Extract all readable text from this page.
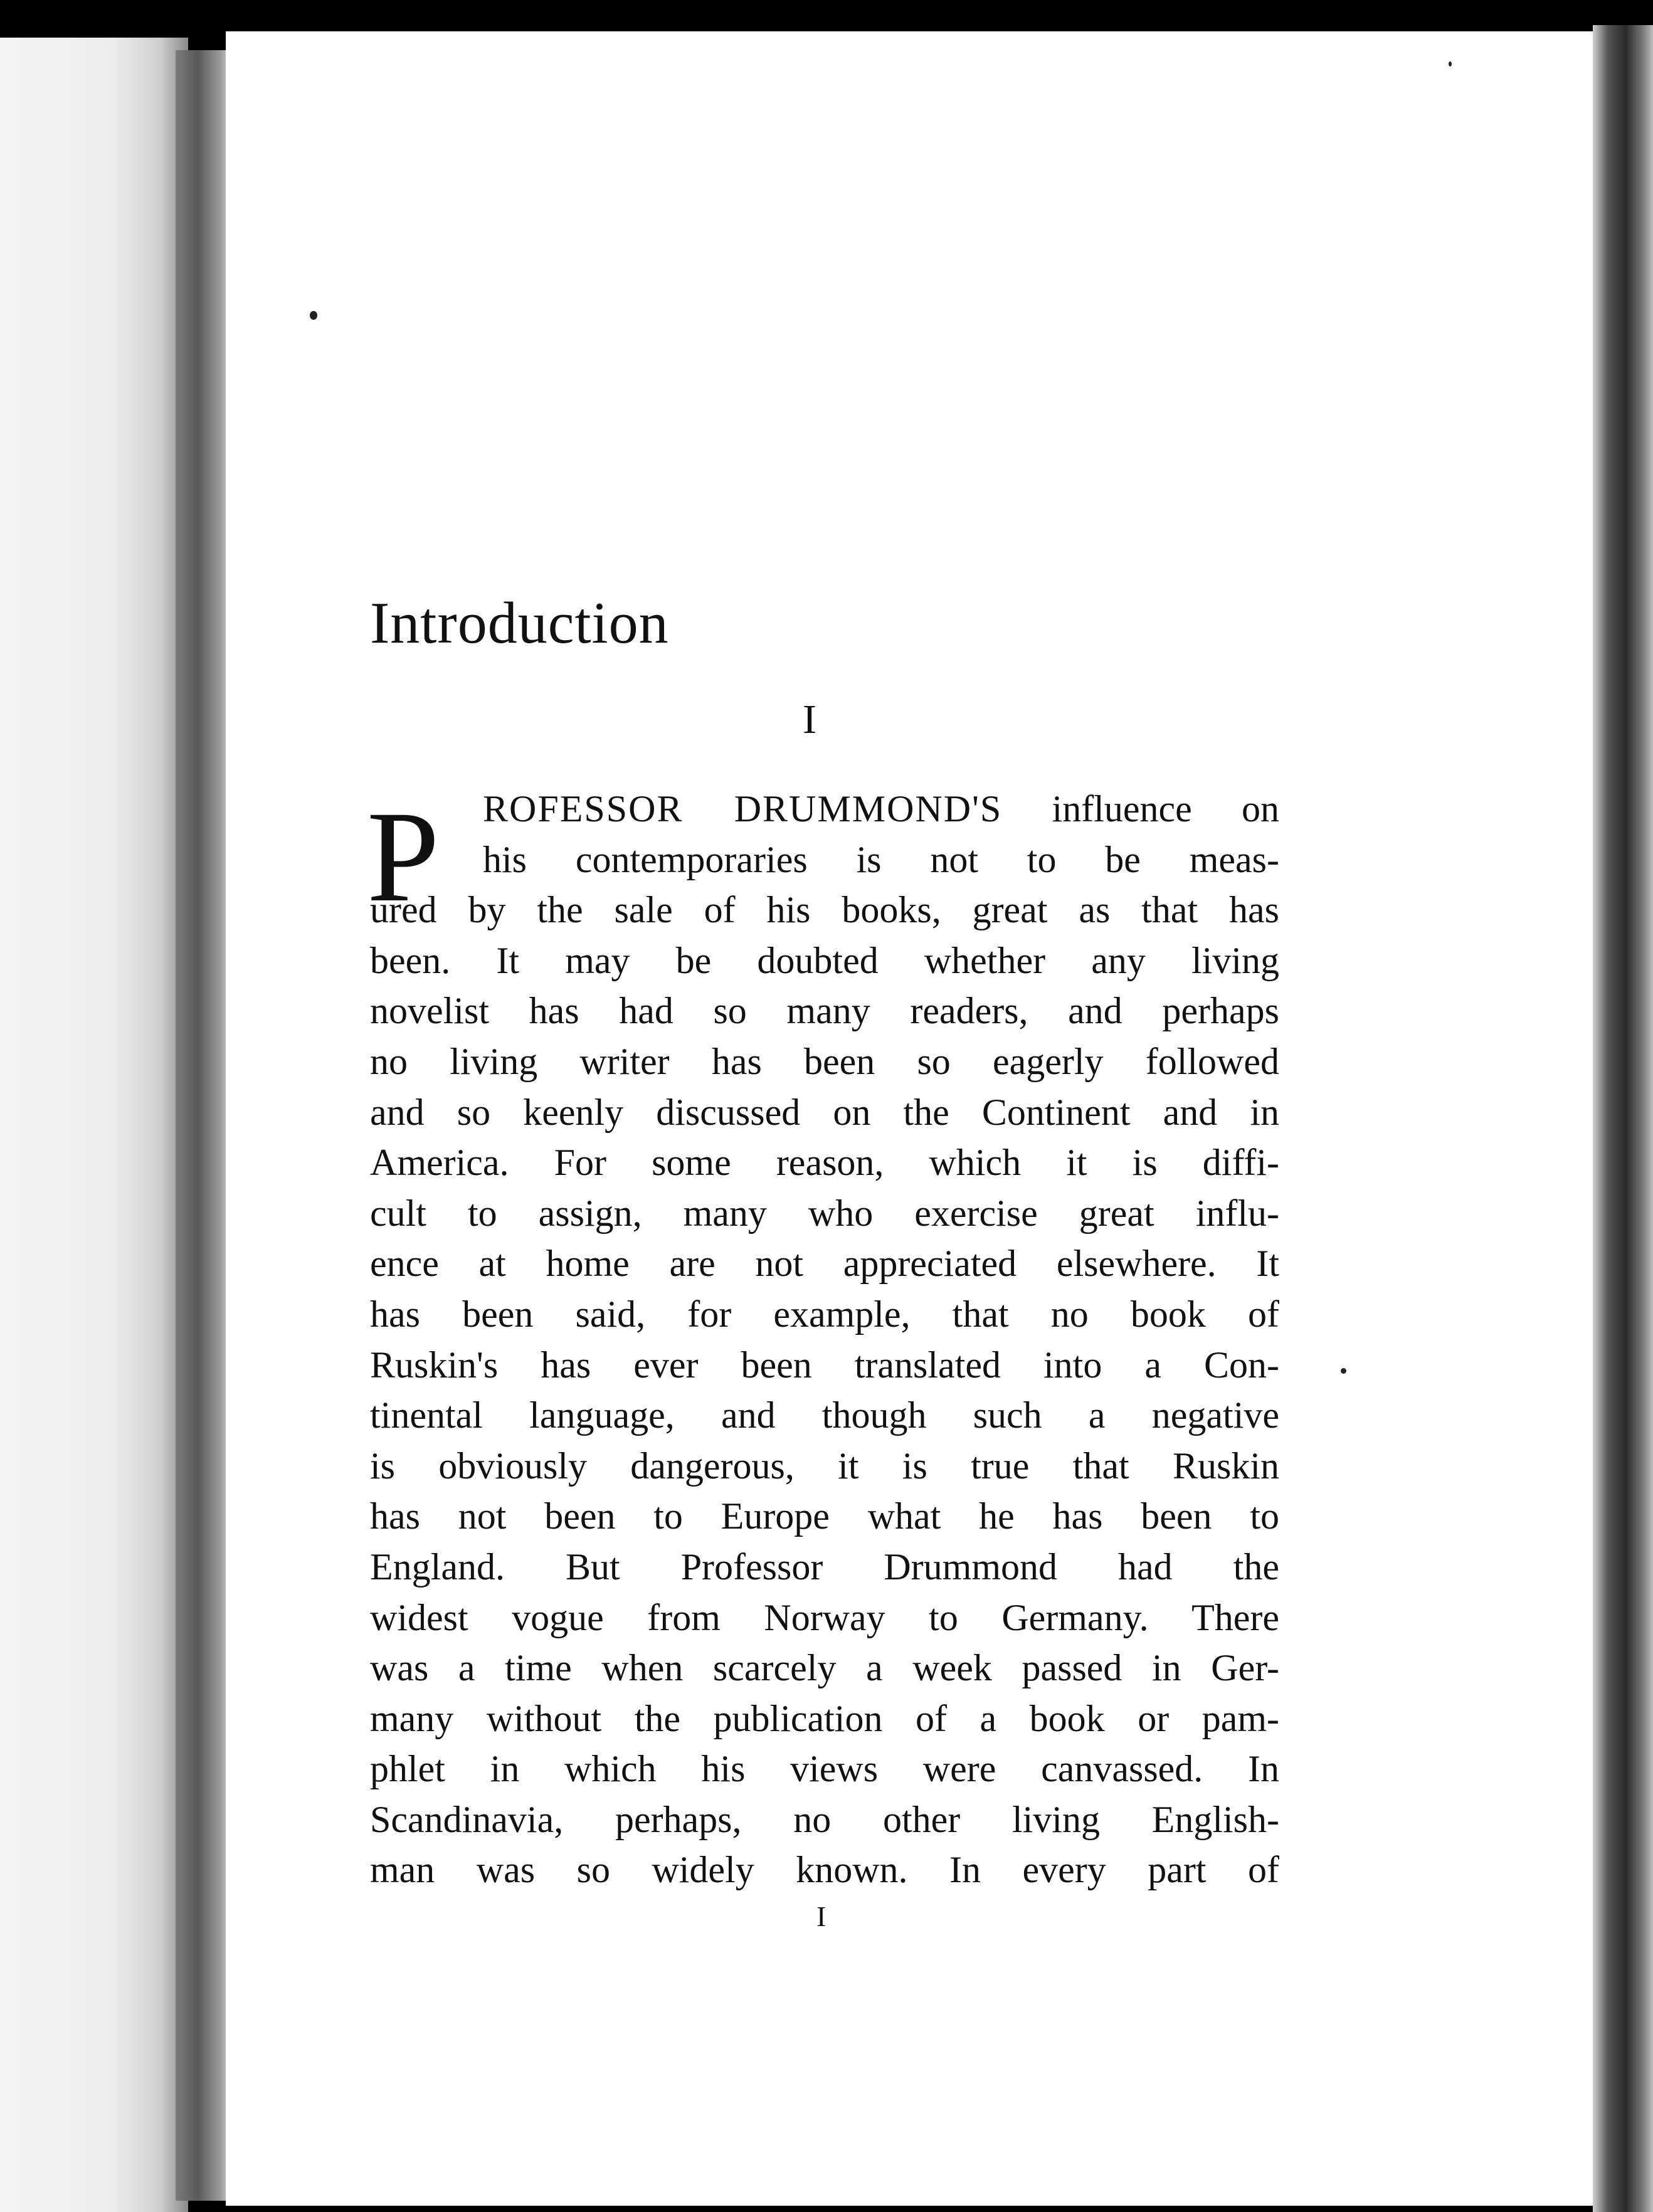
Introduction
I
P	ROFESSOR DRUMMOND'S influence on
his contemporaries is not to be meas-
ured by the sale of his books, great as that has
been. It may be doubted whether any living
novelist has had so many readers, and perhaps
no living writer has been so eagerly followed
and so keenly discussed on the Continent and in
America. For some reason, which it is diffi-
cult to assign, many who exercise great influ-
ence at home are not appreciated elsewhere. It
has been said, for example, that no book of
Ruskin's has ever been translated into a Con-
tinental language, and though such a negative
is obviously dangerous, it is true that Ruskin
has not been to Europe what he has been to
England. But Professor Drummond had the
widest vogue from Norway to Germany. There
was a time when scarcely a week passed in Ger-
many without the publication of a book or pam-
phlet in which his views were canvassed. In
Scandinavia, perhaps, no other living English-
man was so widely known. In every part of
I
